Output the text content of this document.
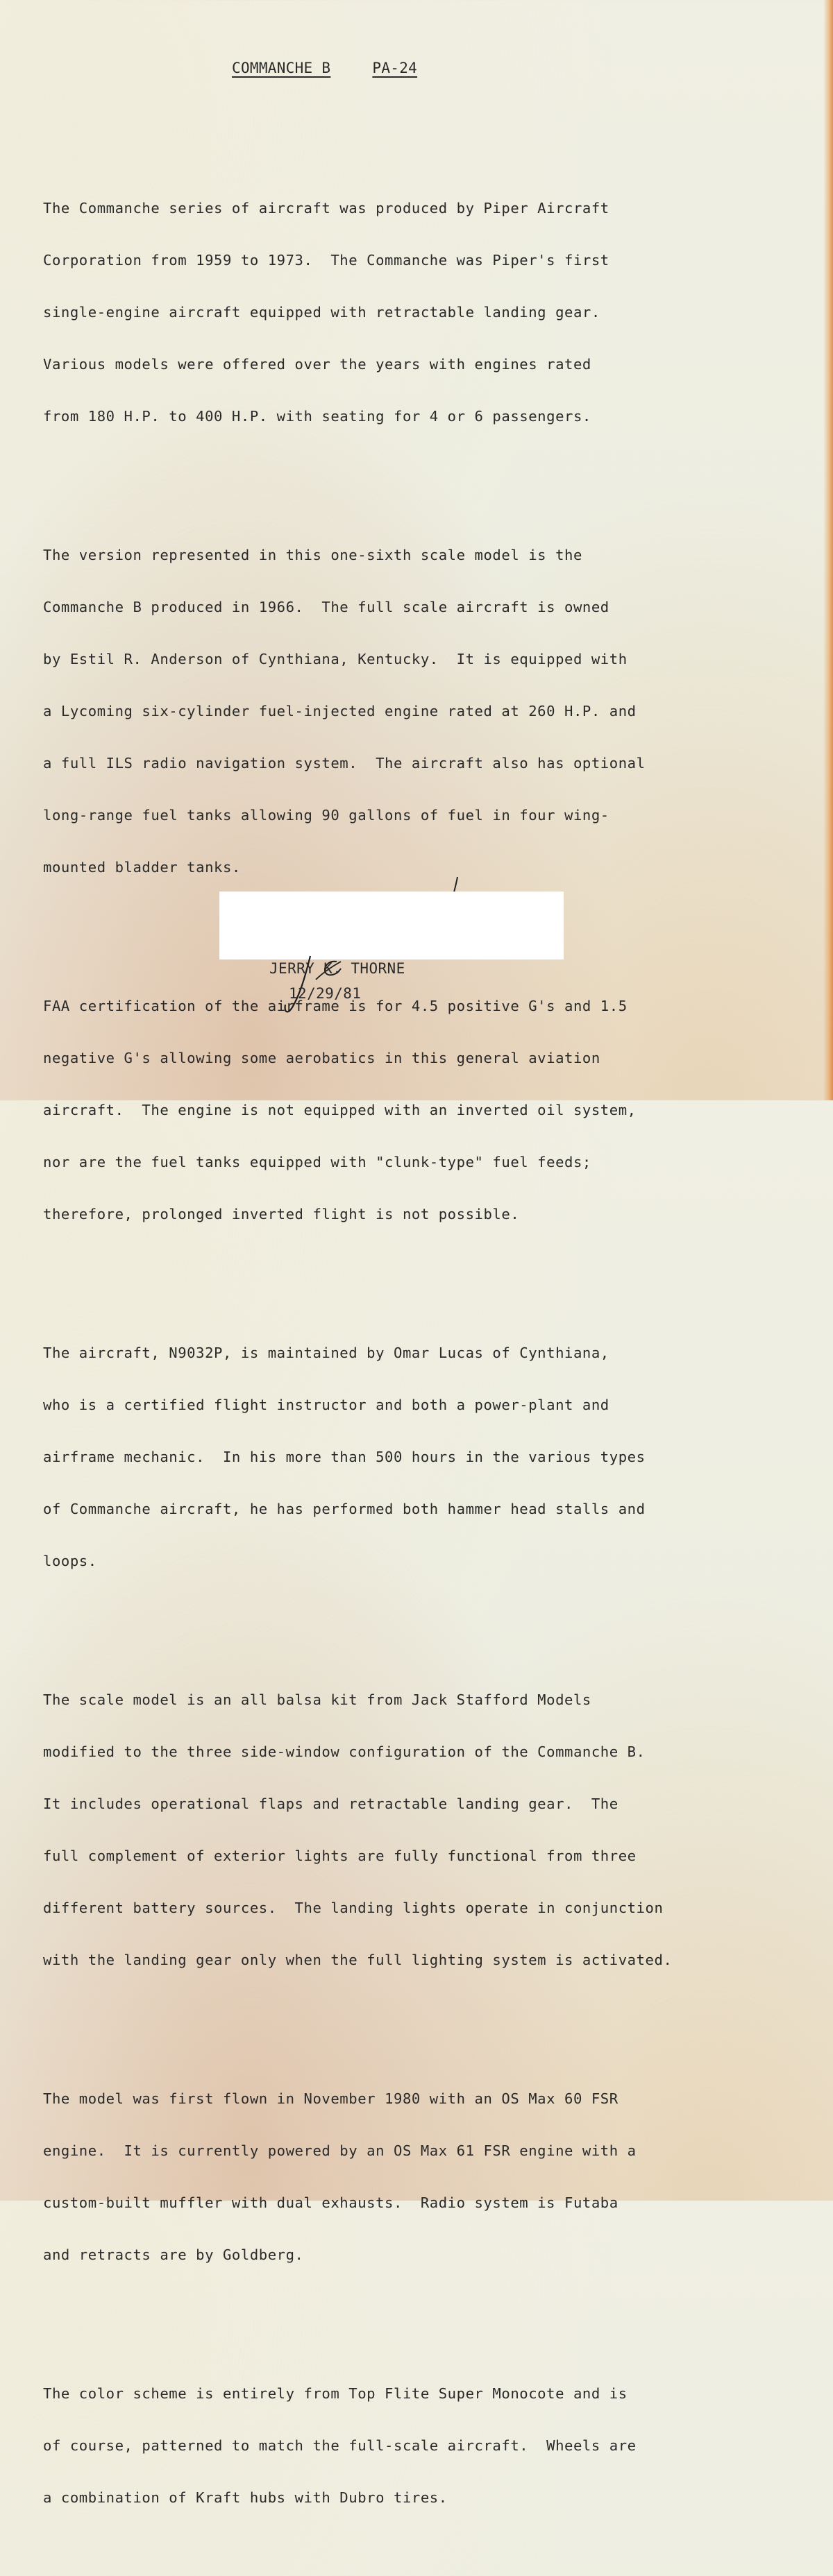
COMMANCHE B	PA-24

The Commanche series of aircraft was produced by Piper Aircraft

Corporation from 1959 to 1973.  The Commanche was Piper's first

single-engine aircraft equipped with retractable landing gear.

Various models were offered over the years with engines rated

from 180 H.P. to 400 H.P. with seating for 4 or 6 passengers.

The version represented in this one-sixth scale model is the

Commanche B produced in 1966.  The full scale aircraft is owned

by Estil R. Anderson of Cynthiana, Kentucky.  It is equipped with

a Lycoming six-cylinder fuel-injected engine rated at 260 H.P. and

a full ILS radio navigation system.  The aircraft also has optional

long-range fuel tanks allowing 90 gallons of fuel in four wing-

mounted bladder tanks.

FAA certification of the airframe is for 4.5 positive G's and 1.5

negative G's allowing some aerobatics in this general aviation

aircraft.  The engine is not equipped with an inverted oil system,

nor are the fuel tanks equipped with "clunk-type" fuel feeds;

therefore, prolonged inverted flight is not possible.

The aircraft, N9032P, is maintained by Omar Lucas of Cynthiana,

who is a certified flight instructor and both a power-plant and

airframe mechanic.  In his more than 500 hours in the various types

of Commanche aircraft, he has performed both hammer head stalls and

loops.

The scale model is an all balsa kit from Jack Stafford Models

modified to the three side-window configuration of the Commanche B.

It includes operational flaps and retractable landing gear.  The

full complement of exterior lights are fully functional from three

different battery sources.  The landing lights operate in conjunction

with the landing gear only when the full lighting system is activated.

The model was first flown in November 1980 with an OS Max 60 FSR

engine.  It is currently powered by an OS Max 61 FSR engine with a

custom-built muffler with dual exhausts.  Radio system is Futaba

and retracts are by Goldberg.

The color scheme is entirely from Top Flite Super Monocote and is

of course, patterned to match the full-scale aircraft.  Wheels are

a combination of Kraft hubs with Dubro tires.

JERRY K. THORNE
12/29/81
